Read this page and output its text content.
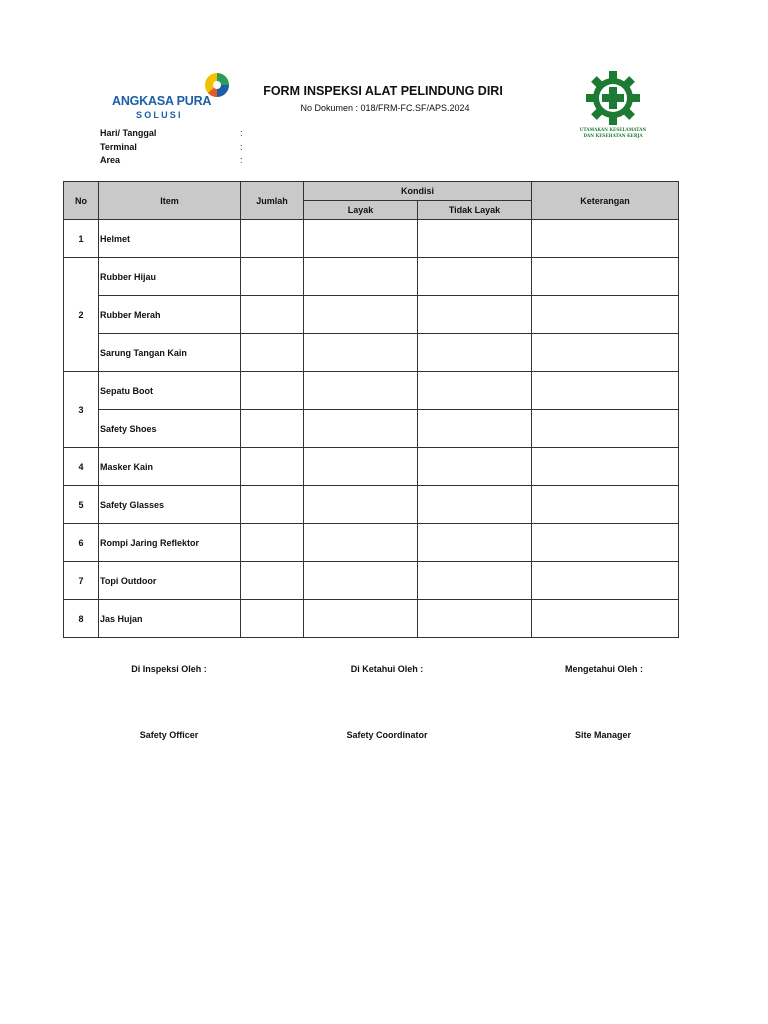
ANGKASA PURA
SOLUSI
FORM INSPEKSI ALAT PELINDUNG DIRI
No Dokumen : 018/FRM-FC.SF/APS.2024
UTAMAKAN KESELAMATAN
DAN KESEHATAN KERJA
Hari/ Tanggal	:
Terminal	:
Area	:
No	Item	Jumlah	Kondisi		Keterangan
			Layak	Tidak Layak	
1	Helmet				
2	Rubber Hijau				
	Rubber Merah				
	Sarung Tangan Kain				
3	Sepatu Boot				
	Safety Shoes				
4	Masker Kain				
5	Safety Glasses				
6	Rompi Jaring Reflektor				
7	Topi Outdoor				
8	Jas Hujan				
Di Inspeksi Oleh :	Di Ketahui Oleh :	Mengetahui Oleh :
Safety Officer	Safety Coordinator	Site Manager
